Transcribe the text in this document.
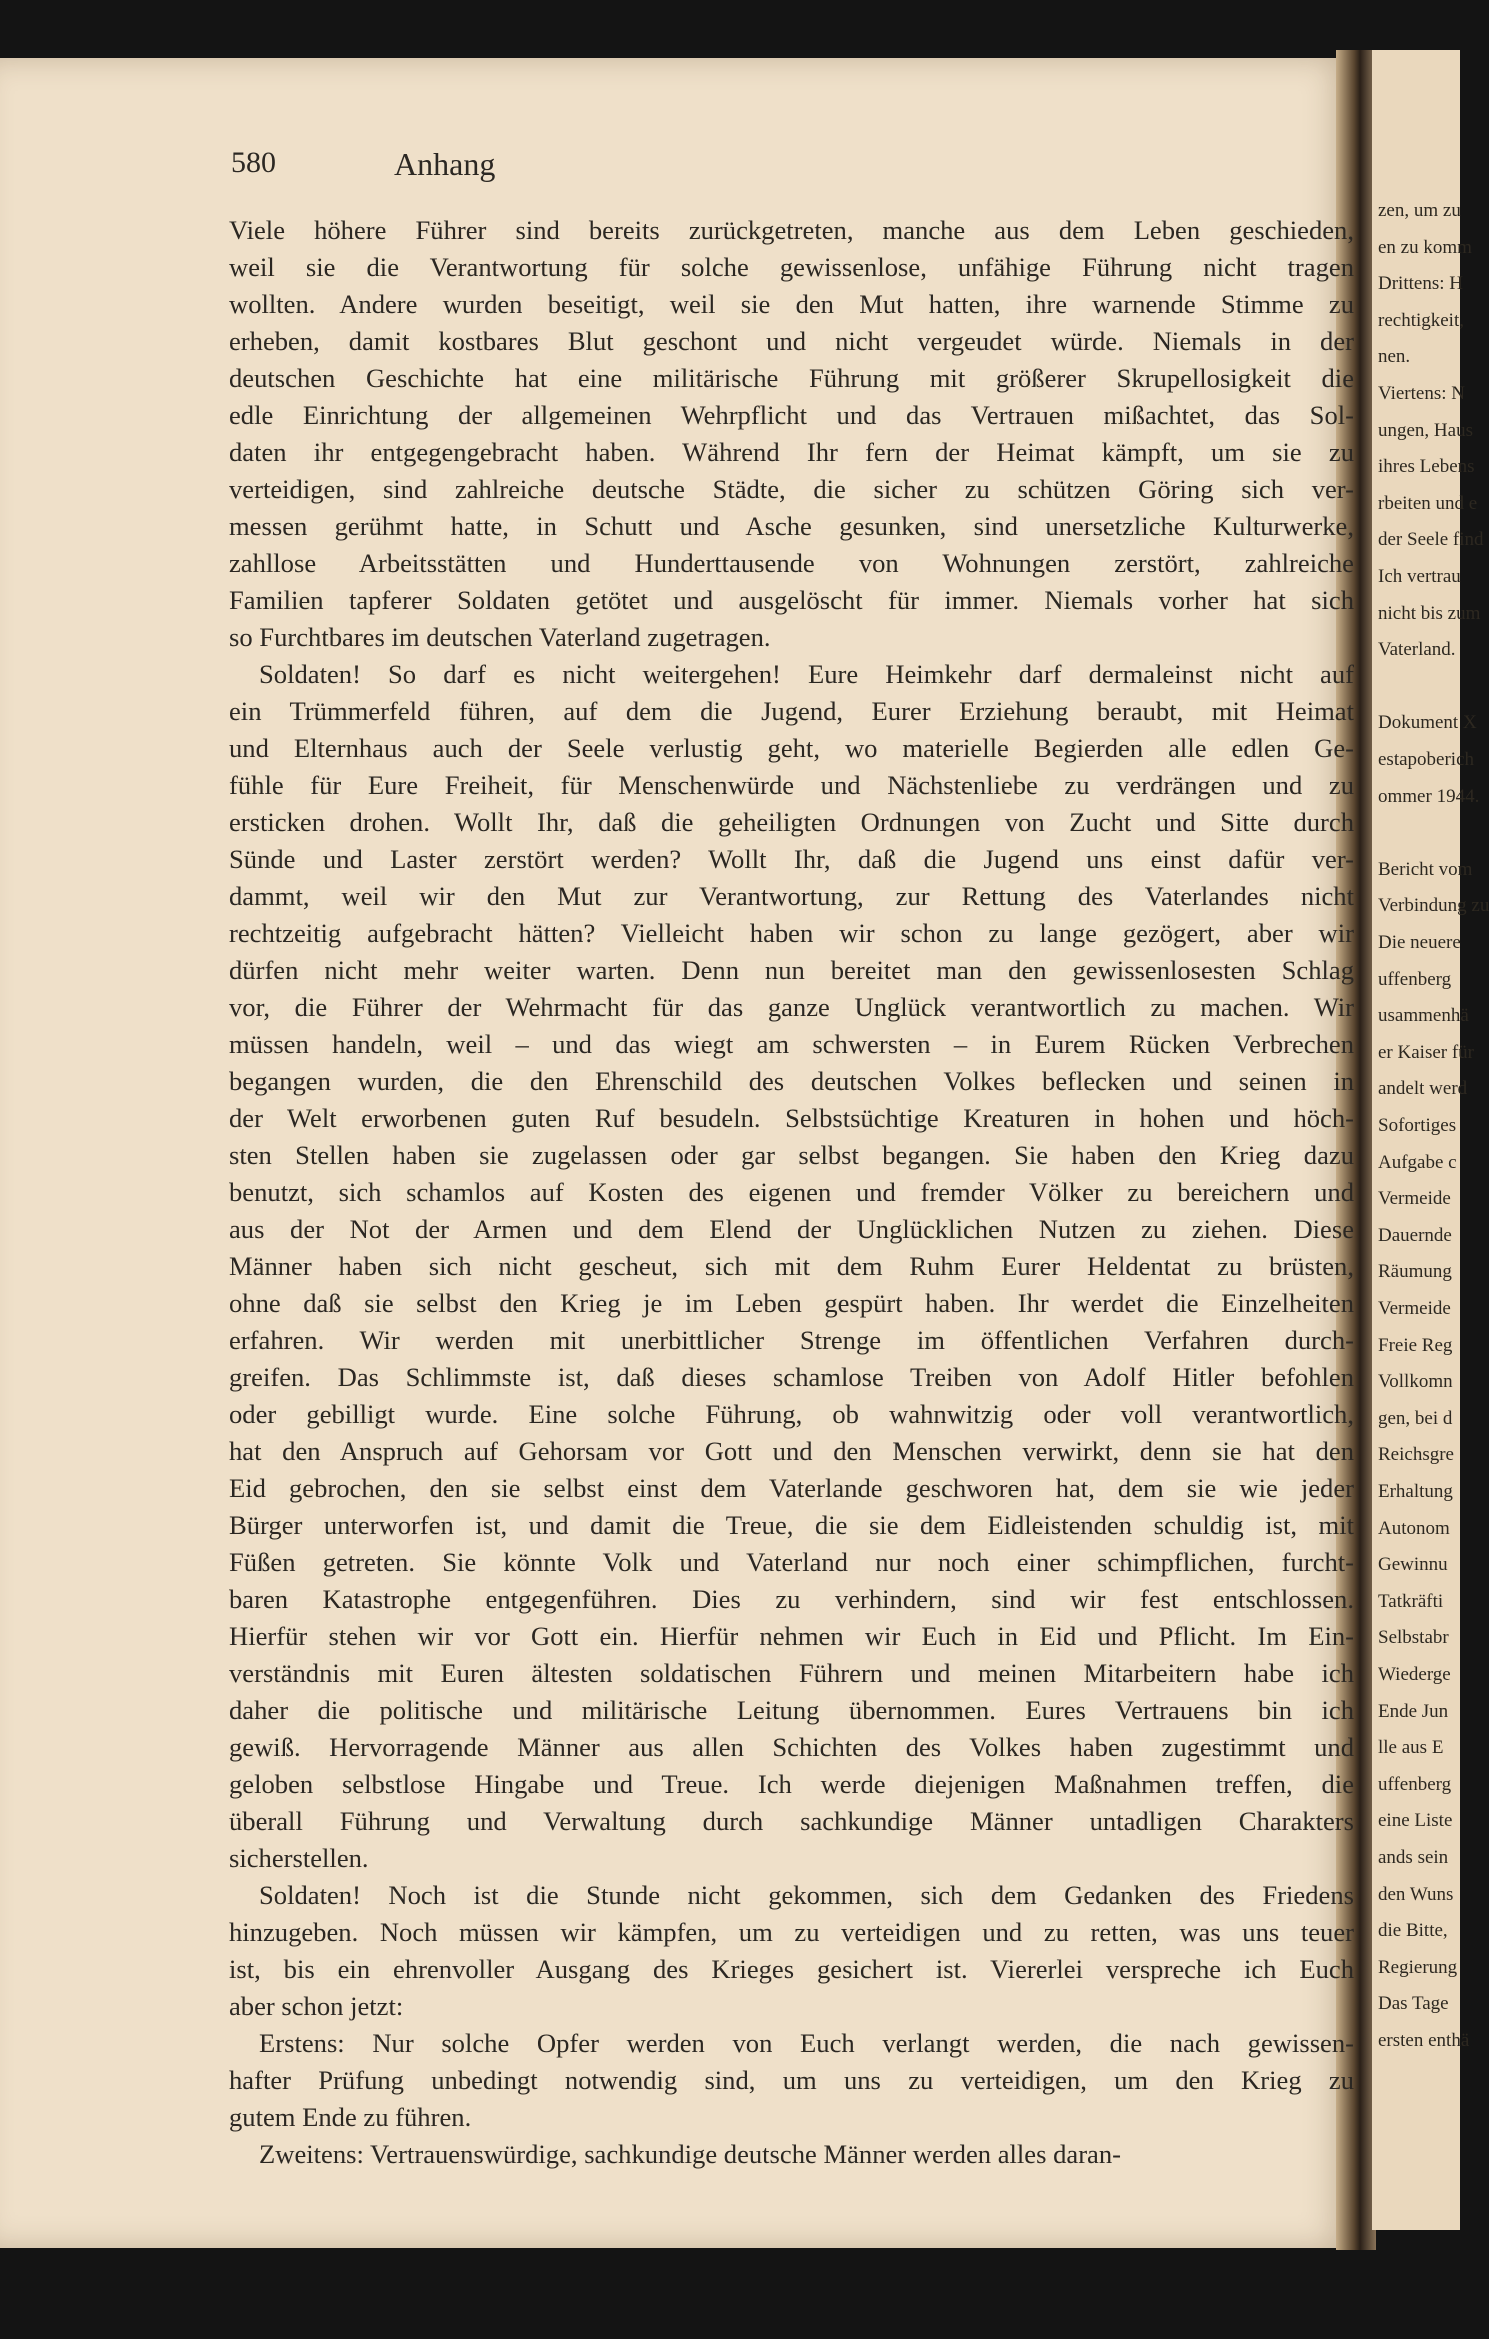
zen, um zu
en zu komm
Drittens: H
rechtigkeit,
nen.
Viertens: N
ungen, Haus
ihres Lebens
rbeiten und e
der Seele find
Ich vertrau
nicht bis zum
Vaterland.
Dokument X
estapoberich
ommer 1944.
Bericht vom
Verbindung zu
Die neuere
uffenberg
usammenhä
er Kaiser für
andelt werd
Sofortiges
Aufgabe c
Vermeide
Dauernde
Räumung
Vermeide
Freie Reg
Vollkomn
gen, bei d
Reichsgre
Erhaltung
Autonom
Gewinnu
Tatkräfti
Selbstabr
Wiederge
Ende Jun
lle aus E
uffenberg
eine Liste
ands sein
den Wuns
die Bitte,
Regierung
Das Tage
ersten enthä
580	Anhang

Viele höhere Führer sind bereits zurückgetreten, manche aus dem Leben geschieden,
weil sie die Verantwortung für solche gewissenlose, unfähige Führung nicht tragen
wollten. Andere wurden beseitigt, weil sie den Mut hatten, ihre warnende Stimme zu
erheben, damit kostbares Blut geschont und nicht vergeudet würde. Niemals in der
deutschen Geschichte hat eine militärische Führung mit größerer Skrupellosigkeit die
edle Einrichtung der allgemeinen Wehrpflicht und das Vertrauen mißachtet, das Sol-
daten ihr entgegengebracht haben. Während Ihr fern der Heimat kämpft, um sie zu
verteidigen, sind zahlreiche deutsche Städte, die sicher zu schützen Göring sich ver-
messen gerühmt hatte, in Schutt und Asche gesunken, sind unersetzliche Kulturwerke,
zahllose Arbeitsstätten und Hunderttausende von Wohnungen zerstört, zahlreiche
Familien tapferer Soldaten getötet und ausgelöscht für immer. Niemals vorher hat sich
so Furchtbares im deutschen Vaterland zugetragen.

Soldaten! So darf es nicht weitergehen! Eure Heimkehr darf dermaleinst nicht auf
ein Trümmerfeld führen, auf dem die Jugend, Eurer Erziehung beraubt, mit Heimat
und Elternhaus auch der Seele verlustig geht, wo materielle Begierden alle edlen Ge-
fühle für Eure Freiheit, für Menschenwürde und Nächstenliebe zu verdrängen und zu
ersticken drohen. Wollt Ihr, daß die geheiligten Ordnungen von Zucht und Sitte durch
Sünde und Laster zerstört werden? Wollt Ihr, daß die Jugend uns einst dafür ver-
dammt, weil wir den Mut zur Verantwortung, zur Rettung des Vaterlandes nicht
rechtzeitig aufgebracht hätten? Vielleicht haben wir schon zu lange gezögert, aber wir
dürfen nicht mehr weiter warten. Denn nun bereitet man den gewissenlosesten Schlag
vor, die Führer der Wehrmacht für das ganze Unglück verantwortlich zu machen. Wir
müssen handeln, weil – und das wiegt am schwersten – in Eurem Rücken Verbrechen
begangen wurden, die den Ehrenschild des deutschen Volkes beflecken und seinen in
der Welt erworbenen guten Ruf besudeln. Selbstsüchtige Kreaturen in hohen und höch-
sten Stellen haben sie zugelassen oder gar selbst begangen. Sie haben den Krieg dazu
benutzt, sich schamlos auf Kosten des eigenen und fremder Völker zu bereichern und
aus der Not der Armen und dem Elend der Unglücklichen Nutzen zu ziehen. Diese
Männer haben sich nicht gescheut, sich mit dem Ruhm Eurer Heldentat zu brüsten,
ohne daß sie selbst den Krieg je im Leben gespürt haben. Ihr werdet die Einzelheiten
erfahren. Wir werden mit unerbittlicher Strenge im öffentlichen Verfahren durch-
greifen. Das Schlimmste ist, daß dieses schamlose Treiben von Adolf Hitler befohlen
oder gebilligt wurde. Eine solche Führung, ob wahnwitzig oder voll verantwortlich,
hat den Anspruch auf Gehorsam vor Gott und den Menschen verwirkt, denn sie hat den
Eid gebrochen, den sie selbst einst dem Vaterlande geschworen hat, dem sie wie jeder
Bürger unterworfen ist, und damit die Treue, die sie dem Eidleistenden schuldig ist, mit
Füßen getreten. Sie könnte Volk und Vaterland nur noch einer schimpflichen, furcht-
baren Katastrophe entgegenführen. Dies zu verhindern, sind wir fest entschlossen.
Hierfür stehen wir vor Gott ein. Hierfür nehmen wir Euch in Eid und Pflicht. Im Ein-
verständnis mit Euren ältesten soldatischen Führern und meinen Mitarbeitern habe ich
daher die politische und militärische Leitung übernommen. Eures Vertrauens bin ich
gewiß. Hervorragende Männer aus allen Schichten des Volkes haben zugestimmt und
geloben selbstlose Hingabe und Treue. Ich werde diejenigen Maßnahmen treffen, die
überall Führung und Verwaltung durch sachkundige Männer untadligen Charakters
sicherstellen.

Soldaten! Noch ist die Stunde nicht gekommen, sich dem Gedanken des Friedens
hinzugeben. Noch müssen wir kämpfen, um zu verteidigen und zu retten, was uns teuer
ist, bis ein ehrenvoller Ausgang des Krieges gesichert ist. Viererlei verspreche ich Euch
aber schon jetzt:

Erstens: Nur solche Opfer werden von Euch verlangt werden, die nach gewissen-
hafter Prüfung unbedingt notwendig sind, um uns zu verteidigen, um den Krieg zu
gutem Ende zu führen.

Zweitens: Vertrauenswürdige, sachkundige deutsche Männer werden alles daran-
